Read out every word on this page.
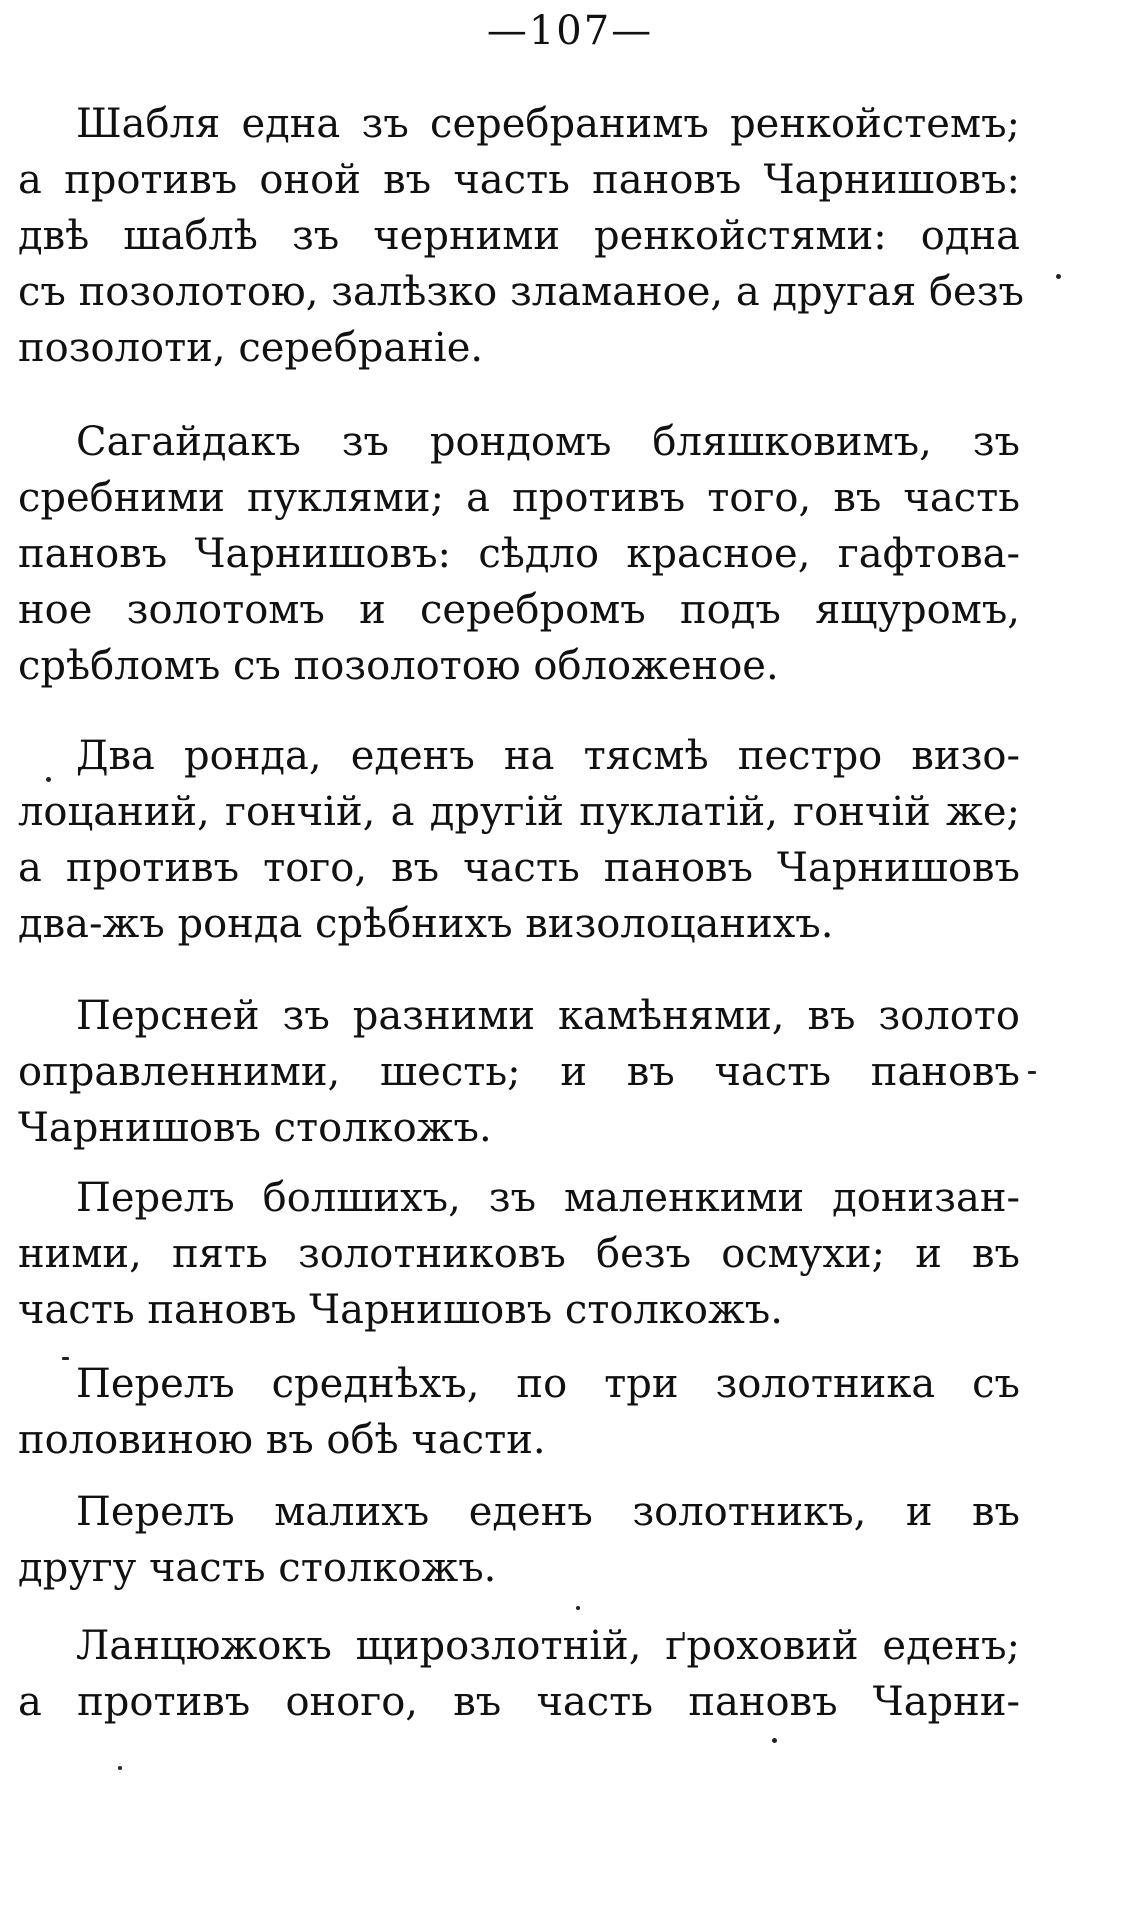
—107—
Шабля една зъ серебранимъ ренкойстемъ;
а противъ оной въ часть пановъ Чарнишовъ:
двѣ шаблѣ зъ черними ренкойстями: одна
съ позолотою, залѣзко зламаное, а другая безъ
позолоти, серебраніе.
Сагайдакъ зъ рондомъ бляшковимъ, зъ
сребними пуклями; а противъ того, въ часть
пановъ Чарнишовъ: сѣдло красное, гафтова-
ное золотомъ и серебромъ подъ ящуромъ,
срѣбломъ съ позолотою обложеное.
Два ронда, еденъ на тясмѣ пестро визо-
лоцаний, гончій, а другій пуклатій, гончій же;
а противъ того, въ часть пановъ Чарнишовъ
два-жъ ронда срѣбнихъ визолоцанихъ.
Персней зъ разними камѣнями, въ золото
оправленними, шесть; и въ часть пановъ
Чарнишовъ столкожъ.
Перелъ болшихъ, зъ маленкими донизан-
ними, пять золотниковъ безъ осмухи; и въ
часть пановъ Чарнишовъ столкожъ.
Перелъ среднѣхъ, по три золотника съ
половиною въ обѣ части.
Перелъ малихъ еденъ золотникъ, и въ
другу часть столкожъ.
Ланцюжокъ щирозлотній, ґроховий еденъ;
а противъ оного, въ часть пановъ Чарни-
